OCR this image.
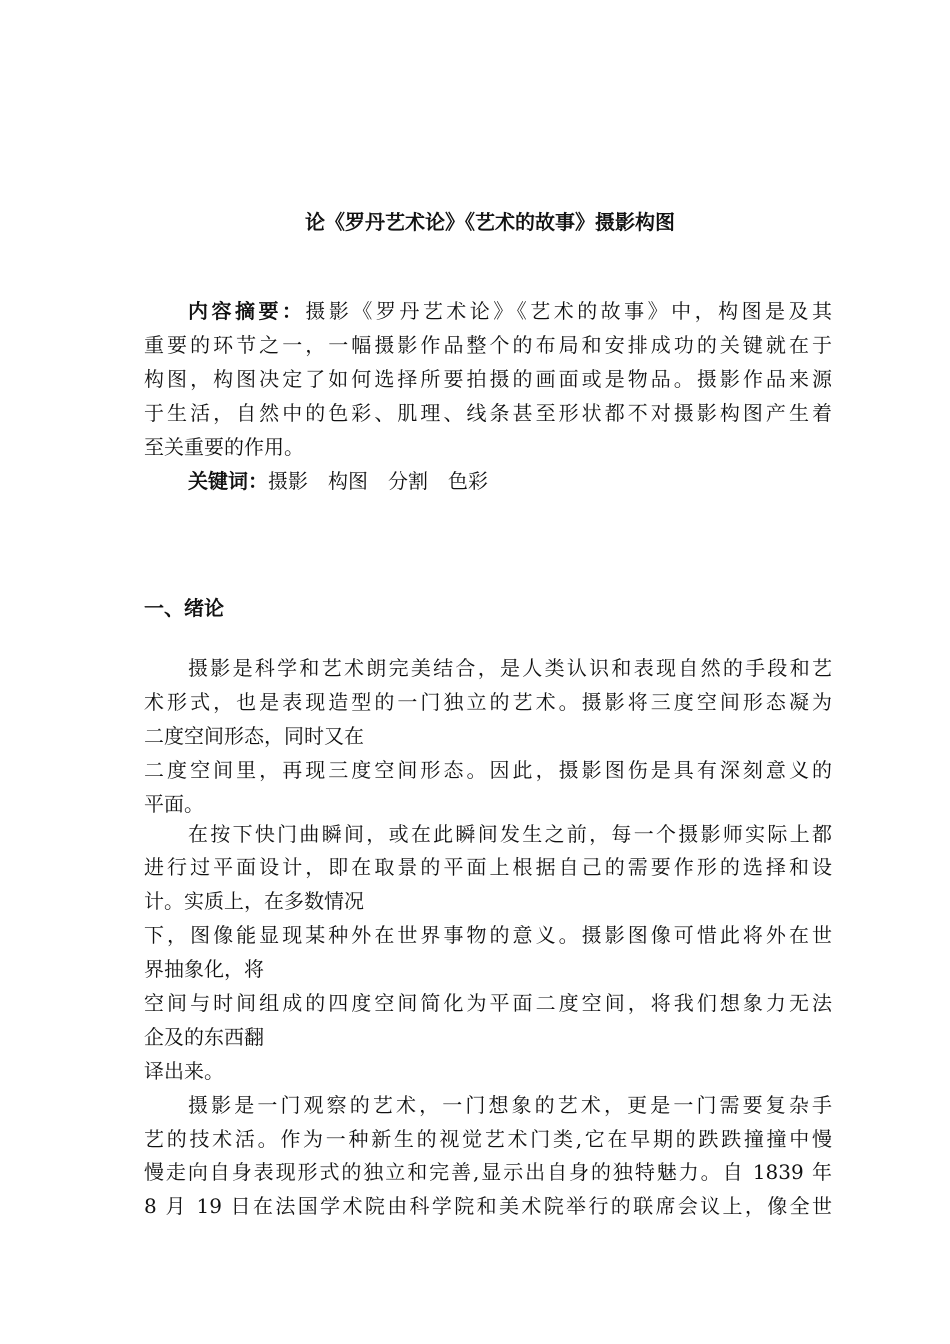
论《罗丹艺术论》《艺术的故事》摄影构图
内容摘要：摄影《罗丹艺术论》《艺术的故事》中，构图是及其
重要的环节之一，一幅摄影作品整个的布局和安排成功的关键就在于
构图，构图决定了如何选择所要拍摄的画面或是物品。摄影作品来源
于生活，自然中的色彩、肌理、线条甚至形状都不对摄影构图产生着
至关重要的作用。
关键词：摄影　构图　分割　色彩
一、绪论
摄影是科学和艺术朗完美结合，是人类认识和表现自然的手段和艺
术形式，也是表现造型的一门独立的艺术。摄影将三度空间形态凝为
二度空间形态，同时又在
二度空间里，再现三度空间形态。因此，摄影图伤是具有深刻意义的
平面。
在按下快门曲瞬间，或在此瞬间发生之前，每一个摄影师实际上都
进行过平面设计，即在取景的平面上根据自己的需要作形的选择和设
计。实质上，在多数情况
下，图像能显现某种外在世界事物的意义。摄影图像可惜此将外在世
界抽象化，将
空间与时间组成的四度空间简化为平面二度空间，将我们想象力无法
企及的东西翻
译出来。
摄影是一门观察的艺术，一门想象的艺术，更是一门需要复杂手
艺的技术活。作为一种新生的视觉艺术门类,它在早期的跌跌撞撞中慢
慢走向自身表现形式的独立和完善,显示出自身的独特魅力。自 1839 年
8 月 19 日在法国学术院由科学院和美术院举行的联席会议上，像全世
